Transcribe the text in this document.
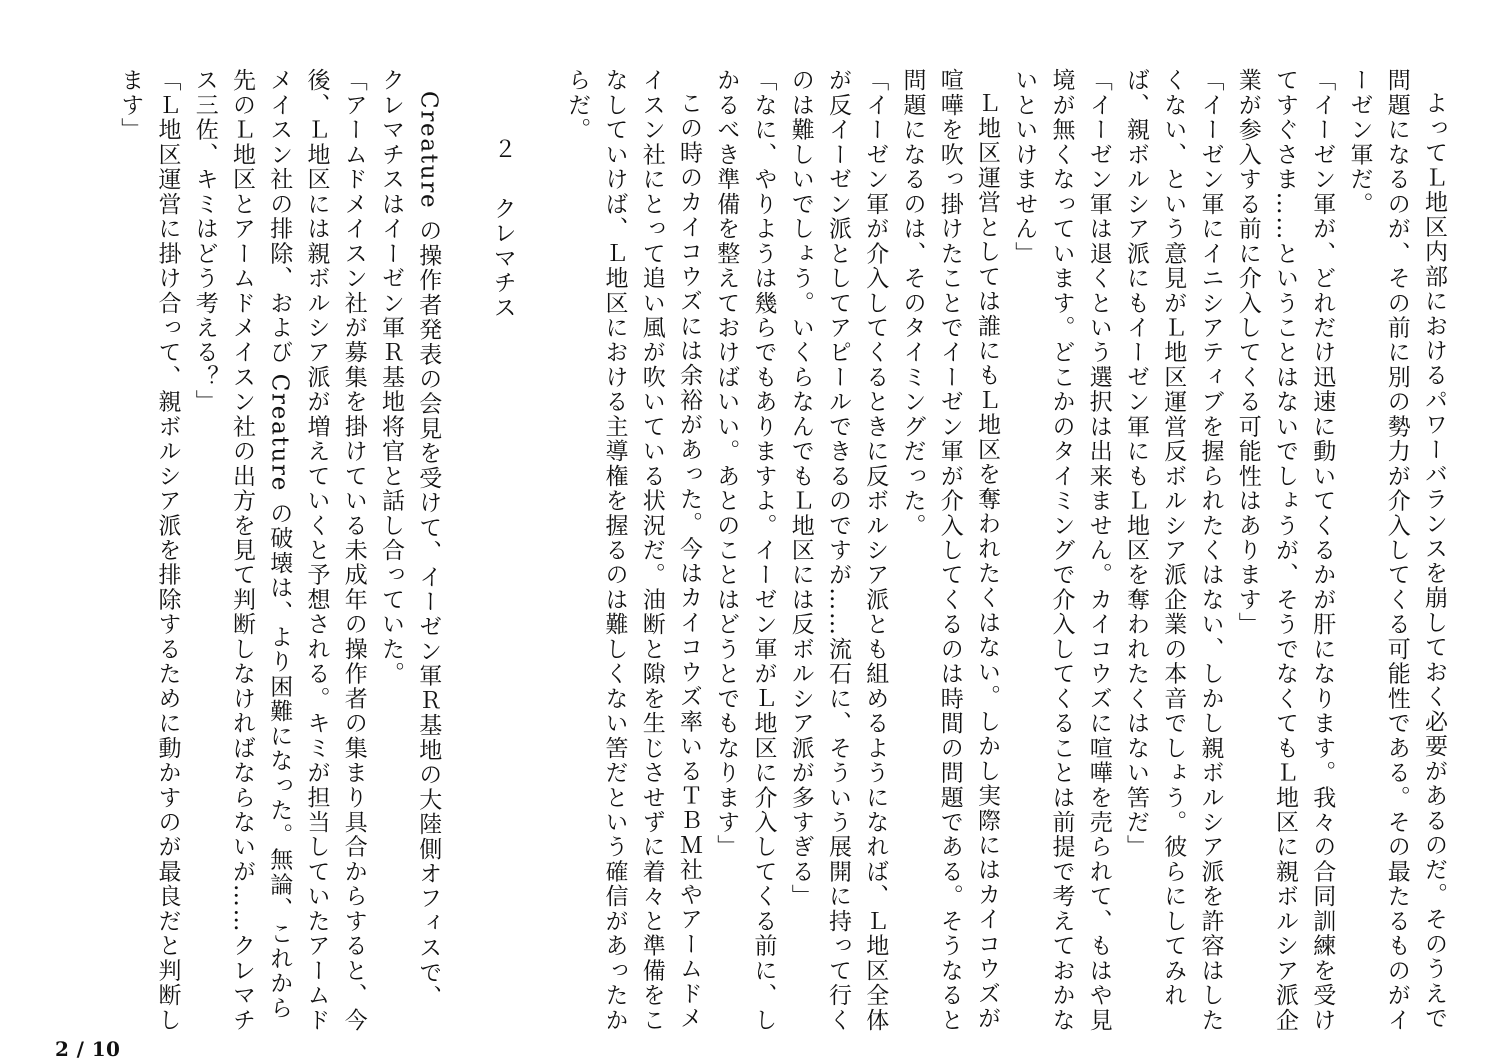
よってＬ地区内部におけるパワーバランスを崩しておく必要があるのだ。そのうえで問題になるのが、その前に別の勢力が介入してくる可能性である。その最たるものがイーゼン軍だ。

「イーゼン軍が、どれだけ迅速に動いてくるかが肝になります。我々の合同訓練を受けてすぐさま……ということはないでしょうが、そうでなくてもＬ地区に親ボルシア派企業が参入する前に介入してくる可能性はあります」

「イーゼン軍にイニシアティブを握られたくはない、しかし親ボルシア派を許容はしたくない、という意見がＬ地区運営反ボルシア派企業の本音でしょう。彼らにしてみれば、親ボルシア派にもイーゼン軍にもＬ地区を奪われたくはない筈だ」

「イーゼン軍は退くという選択は出来ません。カイコウズに喧嘩を売られて、もはや見境が無くなっています。どこかのタイミングで介入してくることは前提で考えておかないといけません」

Ｌ地区運営としては誰にもＬ地区を奪われたくはない。しかし実際にはカイコウズが喧嘩を吹っ掛けたことでイーゼン軍が介入してくるのは時間の問題である。そうなると問題になるのは、そのタイミングだった。

「イーゼン軍が介入してくるときに反ボルシア派とも組めるようになれば、Ｌ地区全体が反イーゼン派としてアピールできるのですが……流石に、そういう展開に持って行くのは難しいでしょう。いくらなんでもＬ地区には反ボルシア派が多すぎる」

「なに、やりようは幾らでもありますよ。イーゼン軍がＬ地区に介入してくる前に、しかるべき準備を整えておけばいい。あとのことはどうとでもなります」

この時のカイコウズには余裕があった。今はカイコウズ率いるＴＢＭ社やアームドメイスン社にとって追い風が吹いている状況だ。油断と隙を生じさせずに着々と準備をこなしていけば、Ｌ地区における主導権を握るのは難しくない筈だという確信があったからだ。

２クレマチス

Creature の操作者発表の会見を受けて、イーゼン軍Ｒ基地の大陸側オフィスで、クレマチスはイーゼン軍Ｒ基地将官と話し合っていた。

「アームドメイスン社が募集を掛けている未成年の操作者の集まり具合からすると、今後、Ｌ地区には親ボルシア派が増えていくと予想される。キミが担当していたアームドメイスン社の排除、および Creature の破壊は、より困難になった。無論、これから先のＬ地区とアームドメイスン社の出方を見て判断しなければならないが……クレマチス三佐、キミはどう考える？」

「Ｌ地区運営に掛け合って、親ボルシア派を排除するために動かすのが最良だと判断します」

2 / 10
